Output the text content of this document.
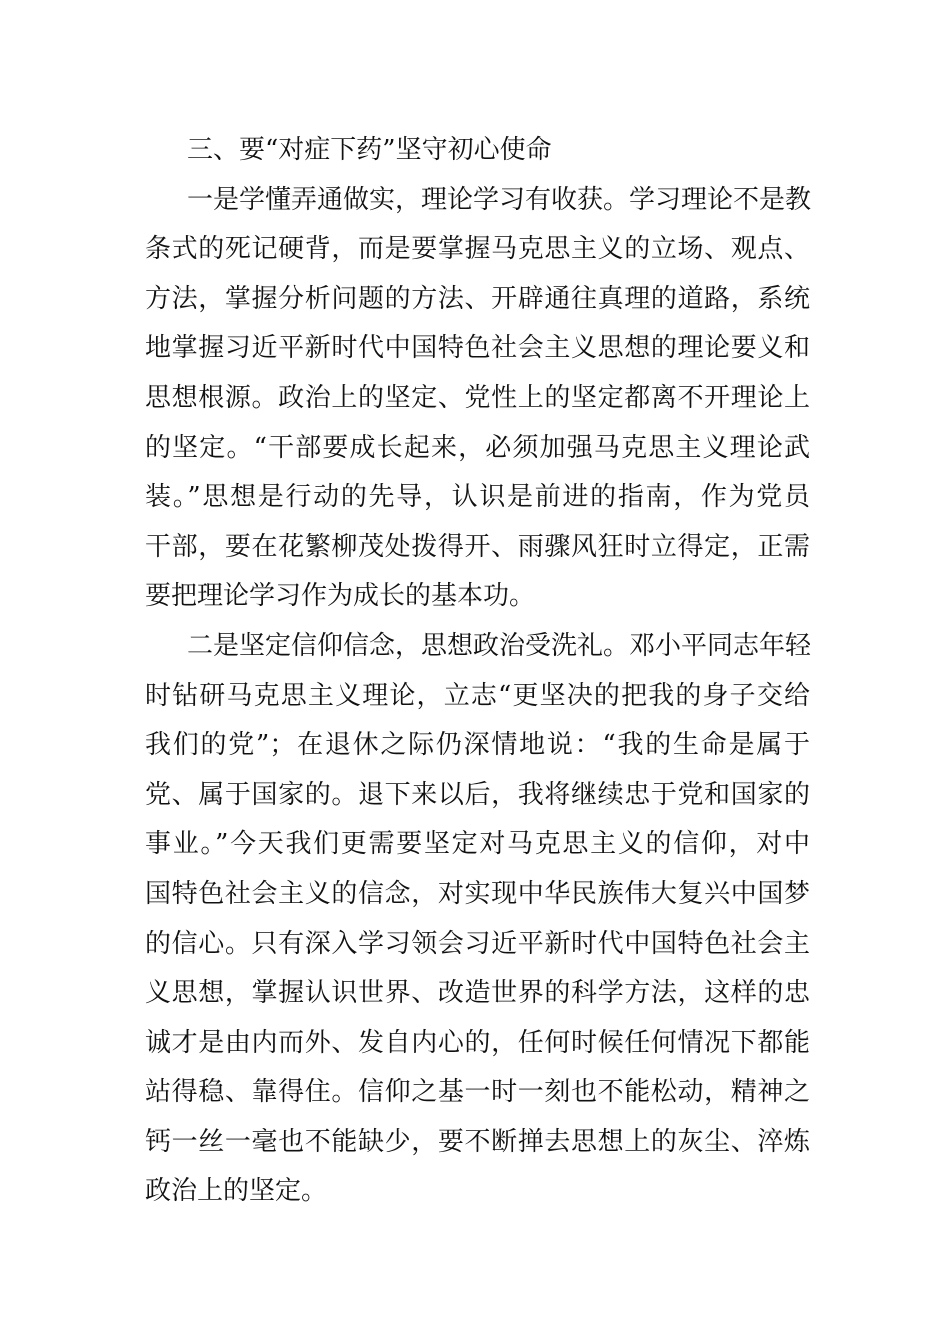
三、要“对症下药”坚守初心使命

一是学懂弄通做实，理论学习有收获。学习理论不是教
条式的死记硬背，而是要掌握马克思主义的立场、观点、
方法，掌握分析问题的方法、开辟通往真理的道路，系统
地掌握习近平新时代中国特色社会主义思想的理论要义和
思想根源。政治上的坚定、党性上的坚定都离不开理论上
的坚定。“干部要成长起来，必须加强马克思主义理论武
装。”思想是行动的先导，认识是前进的指南，作为党员
干部，要在花繁柳茂处拨得开、雨骤风狂时立得定，正需
要把理论学习作为成长的基本功。

二是坚定信仰信念，思想政治受洗礼。邓小平同志年轻
时钻研马克思主义理论，立志“更坚决的把我的身子交给
我们的党”；在退休之际仍深情地说：“我的生命是属于
党、属于国家的。退下来以后，我将继续忠于党和国家的
事业。”今天我们更需要坚定对马克思主义的信仰，对中
国特色社会主义的信念，对实现中华民族伟大复兴中国梦
的信心。只有深入学习领会习近平新时代中国特色社会主
义思想，掌握认识世界、改造世界的科学方法，这样的忠
诚才是由内而外、发自内心的，任何时候任何情况下都能
站得稳、靠得住。信仰之基一时一刻也不能松动，精神之
钙一丝一毫也不能缺少，要不断掸去思想上的灰尘、淬炼
政治上的坚定。
